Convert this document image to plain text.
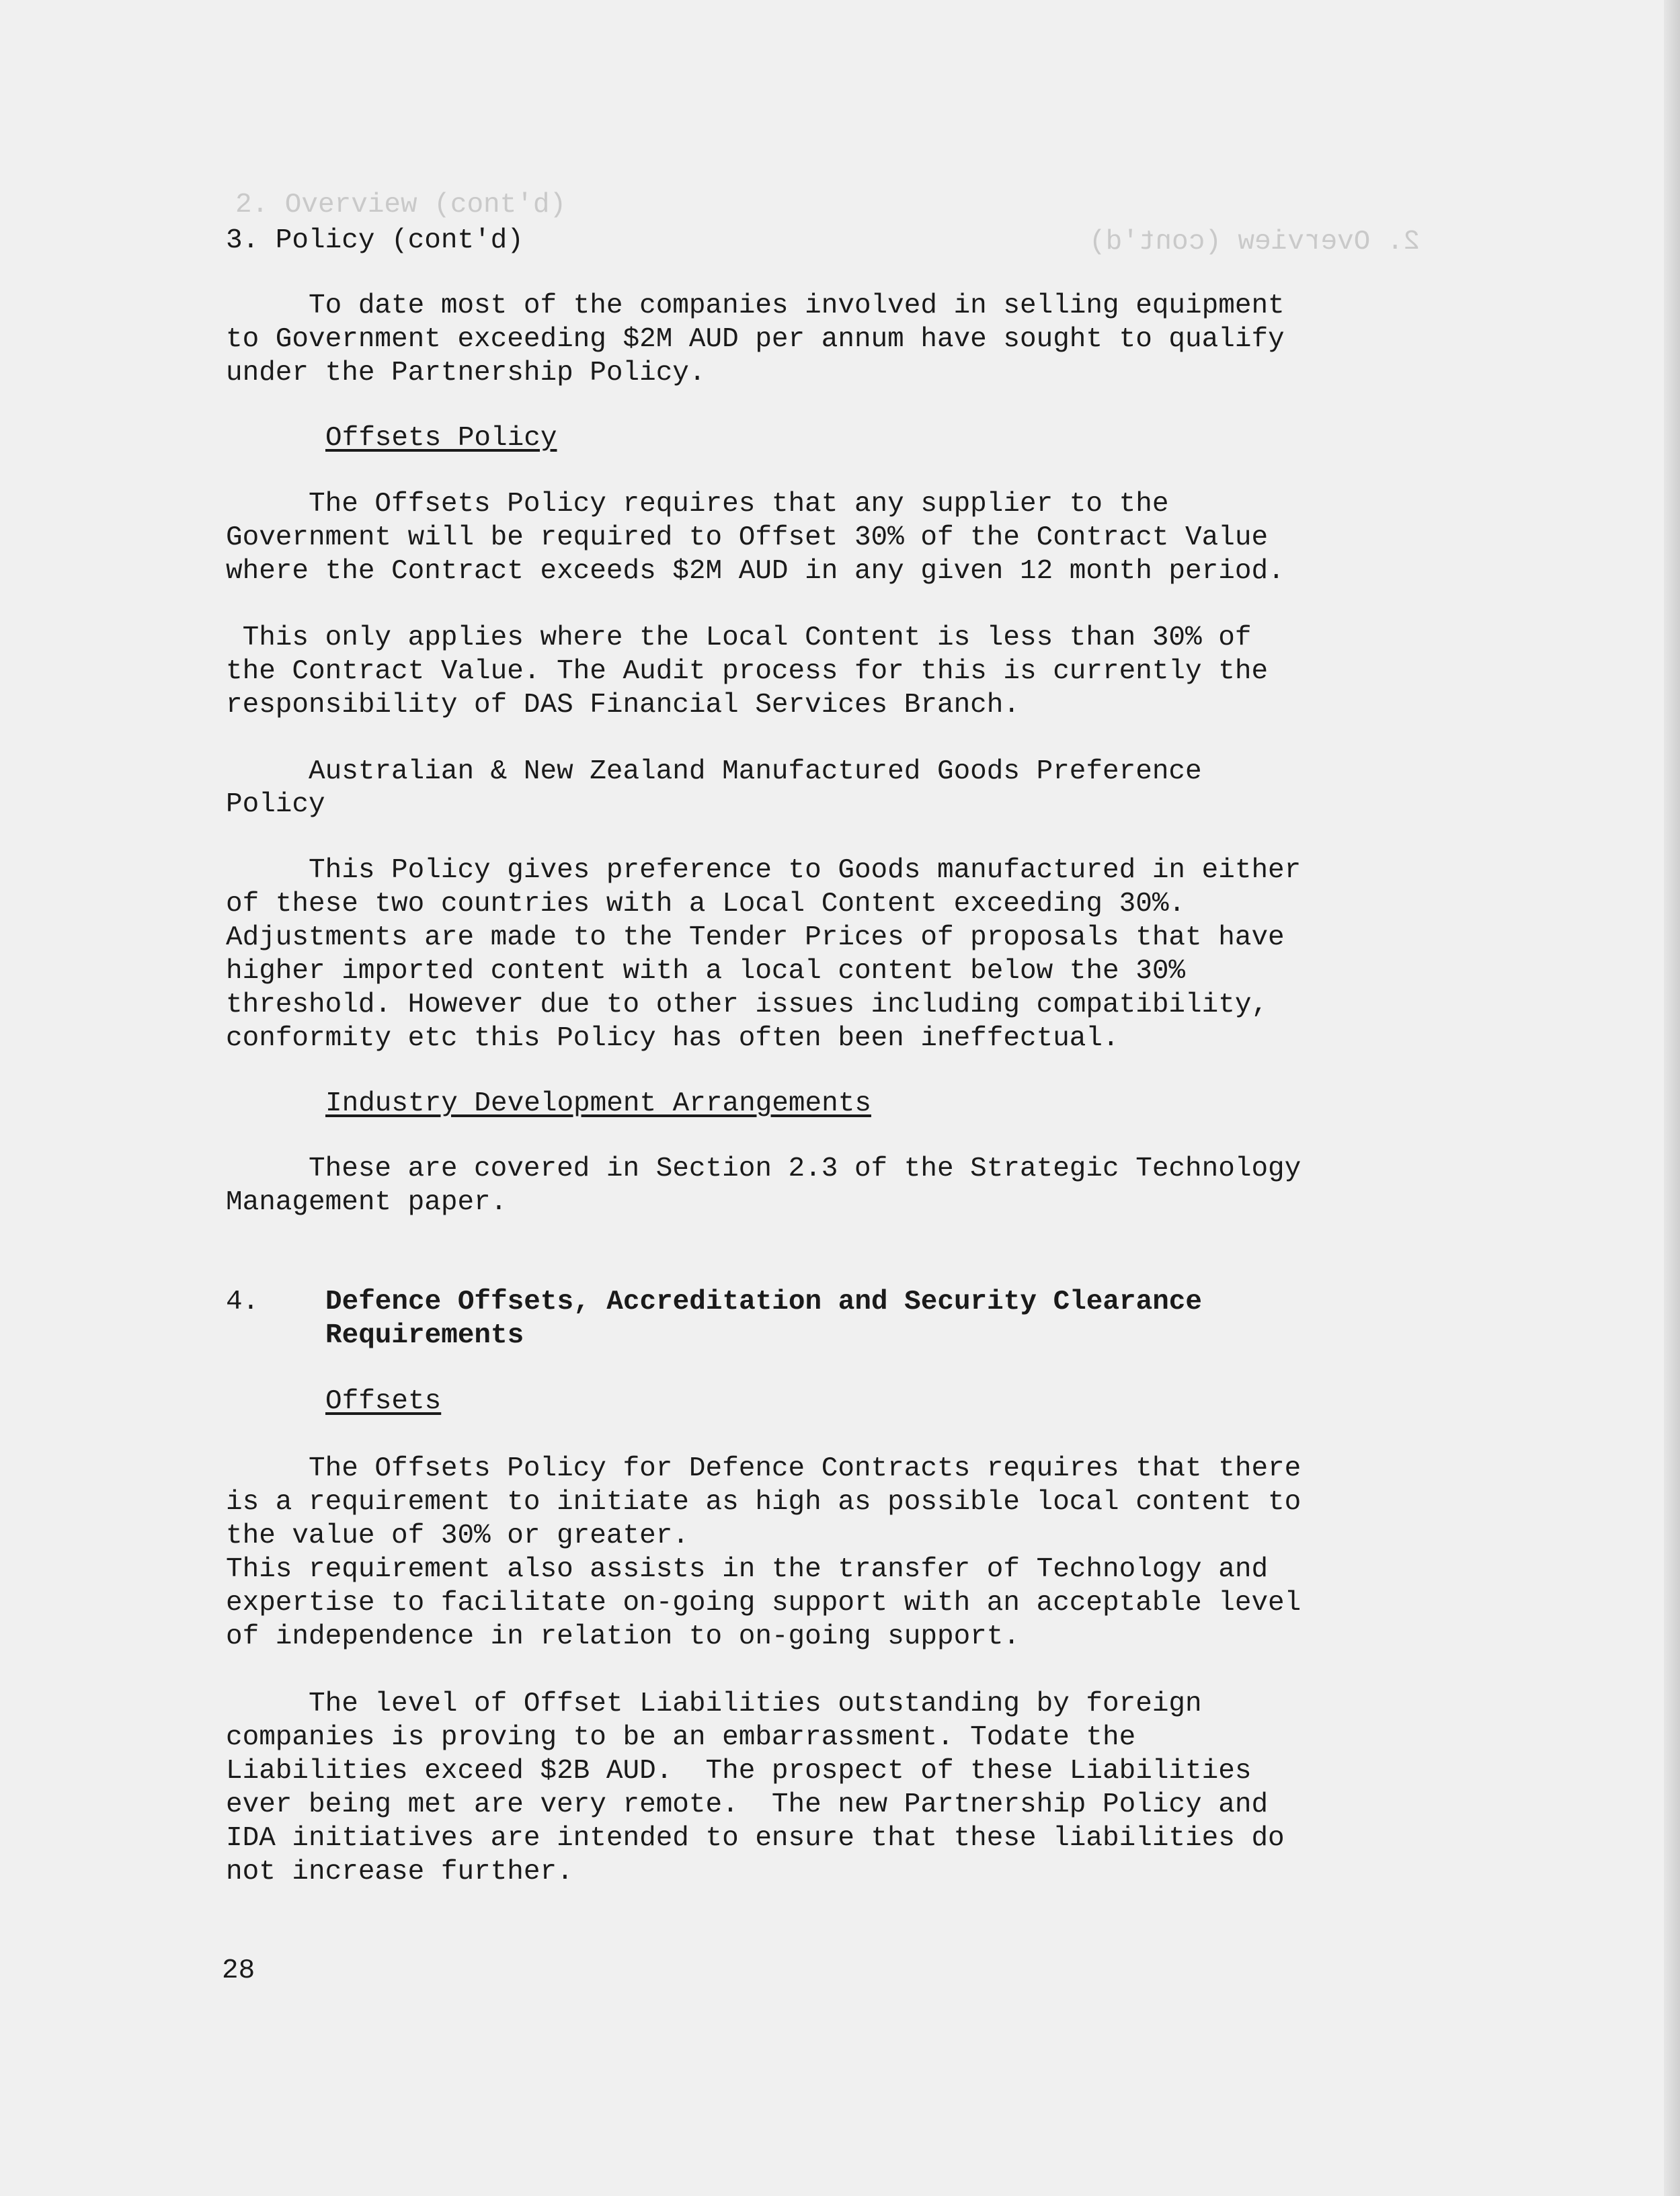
2. Overview (cont'd)
2. Overview (cont'd)
3. Policy (cont'd)
To date most of the companies involved in selling equipment
to Government exceeding $2M AUD per annum have sought to qualify
under the Partnership Policy.
Offsets Policy
The Offsets Policy requires that any supplier to the
Government will be required to Offset 30% of the Contract Value
where the Contract exceeds $2M AUD in any given 12 month period.
This only applies where the Local Content is less than 30% of
the Contract Value. The Audit process for this is currently the
responsibility of DAS Financial Services Branch.
Australian & New Zealand Manufactured Goods Preference
Policy
This Policy gives preference to Goods manufactured in either
of these two countries with a Local Content exceeding 30%.
Adjustments are made to the Tender Prices of proposals that have
higher imported content with a local content below the 30%
threshold. However due to other issues including compatibility,
conformity etc this Policy has often been ineffectual.
Industry Development Arrangements
These are covered in Section 2.3 of the Strategic Technology
Management paper.
4. Defence Offsets, Accreditation and Security Clearance
Requirements
Offsets
The Offsets Policy for Defence Contracts requires that there
is a requirement to initiate as high as possible local content to
the value of 30% or greater.
This requirement also assists in the transfer of Technology and
expertise to facilitate on-going support with an acceptable level
of independence in relation to on-going support.
The level of Offset Liabilities outstanding by foreign
companies is proving to be an embarrassment. Todate the
Liabilities exceed $2B AUD.  The prospect of these Liabilities
ever being met are very remote.  The new Partnership Policy and
IDA initiatives are intended to ensure that these liabilities do
not increase further.
28
